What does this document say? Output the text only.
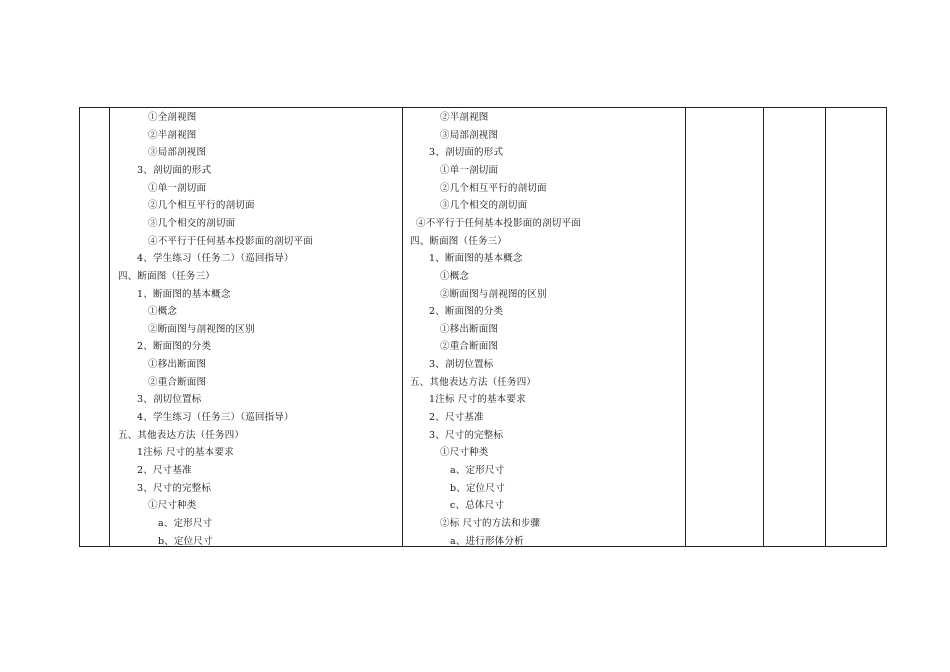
①全剖视图
②半剖视图
③局部剖视图
3、剖切面的形式
①单一剖切面
②几个相互平行的剖切面
③几个相交的剖切面
④不平行于任何基本投影面的剖切平面
4、学生练习（任务二）（巡回指导）
四、断面图（任务三）
1、断面图的基本概念
①概念
②断面图与剖视图的区别
2、断面图的分类
①移出断面图
②重合断面图
3、剖切位置标
4、学生练习（任务三）（巡回指导）
五、其他表达方法（任务四）
1注标 尺寸的基本要求
2、尺寸基准
3、尺寸的完整标
①尺寸种类
a、定形尺寸
b、定位尺寸
②半剖视图
③局部剖视图
3、剖切面的形式
①单一剖切面
②几个相互平行的剖切面
③几个相交的剖切面
④不平行于任何基本投影面的剖切平面
四、断面图（任务三）
1、断面图的基本概念
①概念
②断面图与剖视图的区别
2、断面图的分类
①移出断面图
②重合断面图
3、剖切位置标
五、其他表达方法（任务四）
1注标 尺寸的基本要求
2、尺寸基准
3、尺寸的完整标
①尺寸种类
a、定形尺寸
b、定位尺寸
c、总体尺寸
②标 尺寸的方法和步骤
a、进行形体分析
